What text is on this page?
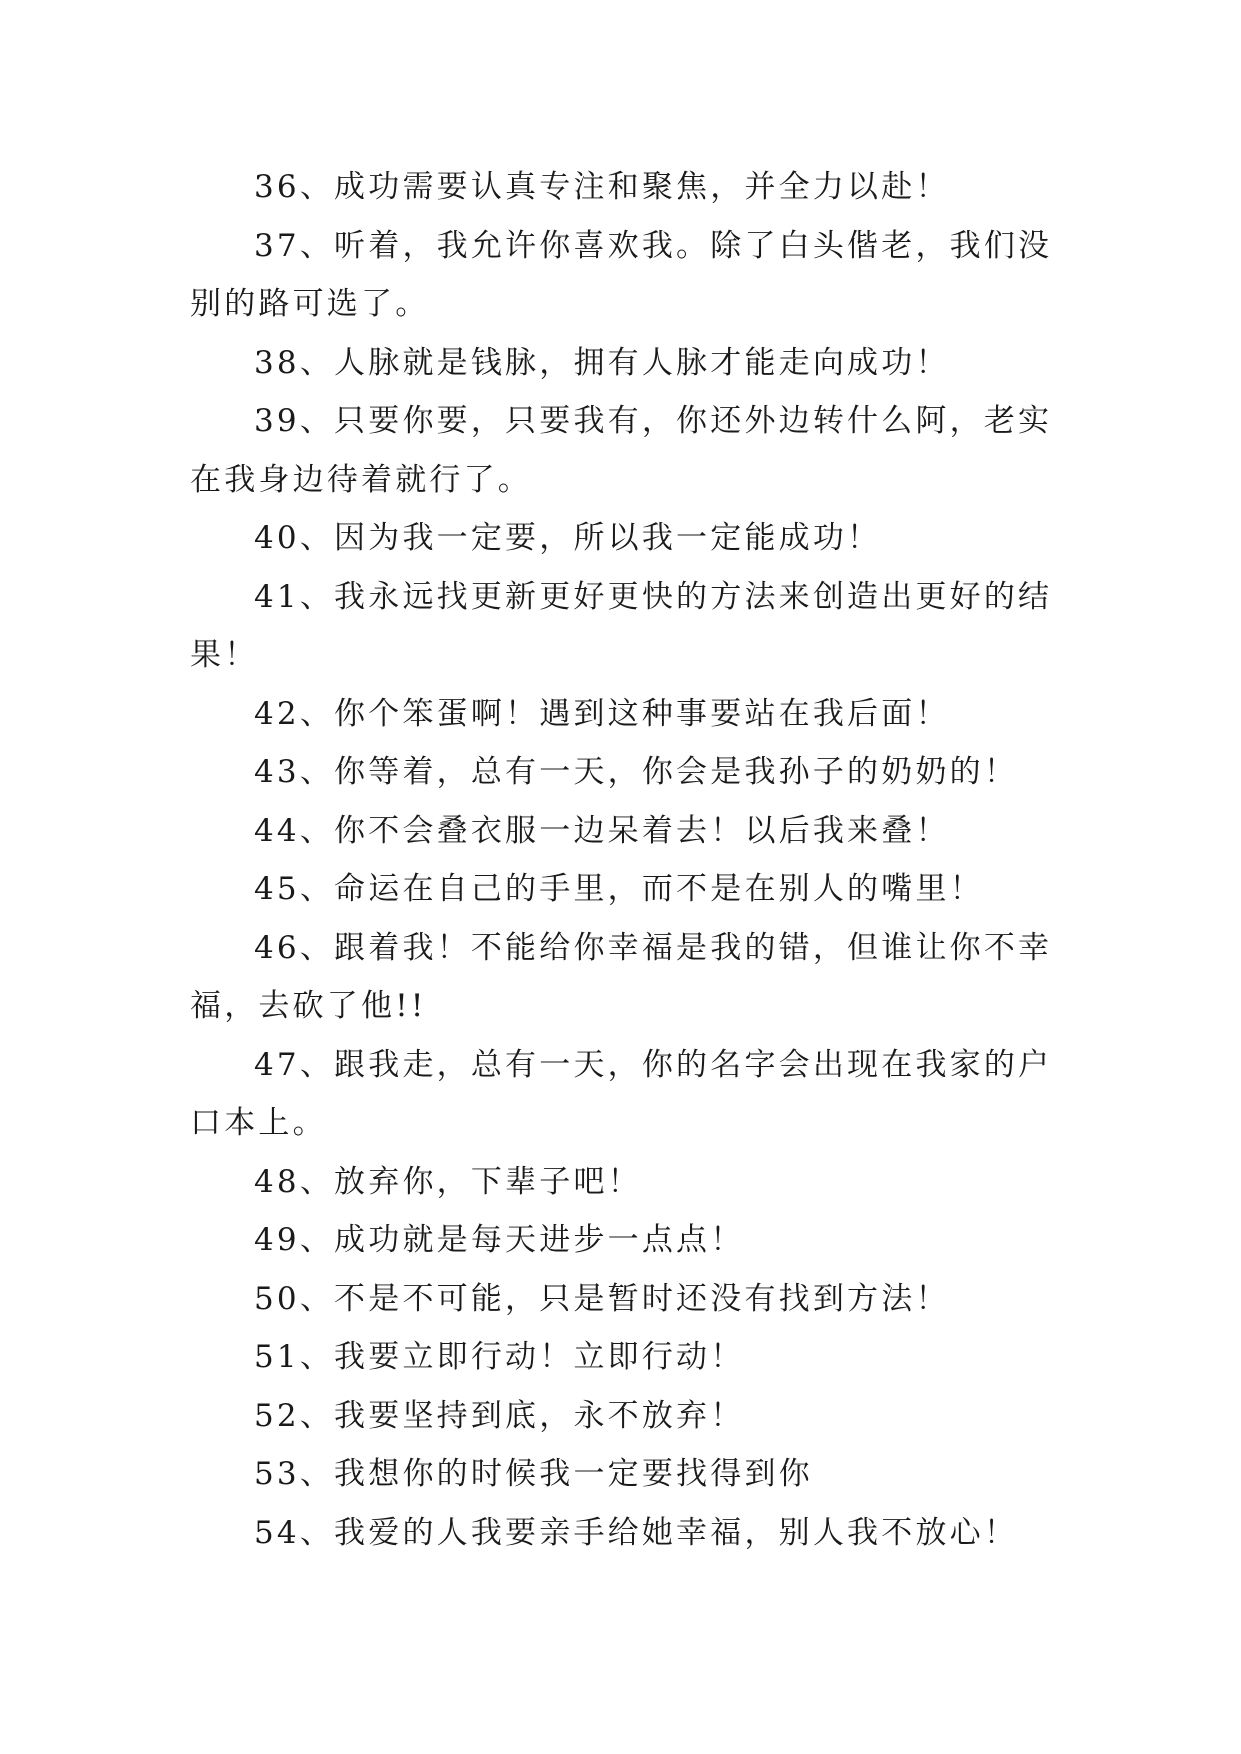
36、成功需要认真专注和聚焦，并全力以赴！

37、听着，我允许你喜欢我。除了白头偕老，我们没别的路可选了。

38、人脉就是钱脉，拥有人脉才能走向成功！

39、只要你要，只要我有，你还外边转什么阿，老实在我身边待着就行了。

40、因为我一定要，所以我一定能成功！

41、我永远找更新更好更快的方法来创造出更好的结果！

42、你个笨蛋啊！遇到这种事要站在我后面！

43、你等着，总有一天，你会是我孙子的奶奶的！

44、你不会叠衣服一边呆着去！以后我来叠！

45、命运在自己的手里，而不是在别人的嘴里！

46、跟着我！不能给你幸福是我的错，但谁让你不幸福，去砍了他!!

47、跟我走，总有一天，你的名字会出现在我家的户口本上。

48、放弃你，下辈子吧！

49、成功就是每天进步一点点！

50、不是不可能，只是暂时还没有找到方法！

51、我要立即行动！立即行动！

52、我要坚持到底，永不放弃！

53、我想你的时候我一定要找得到你

54、我爱的人我要亲手给她幸福，别人我不放心！
